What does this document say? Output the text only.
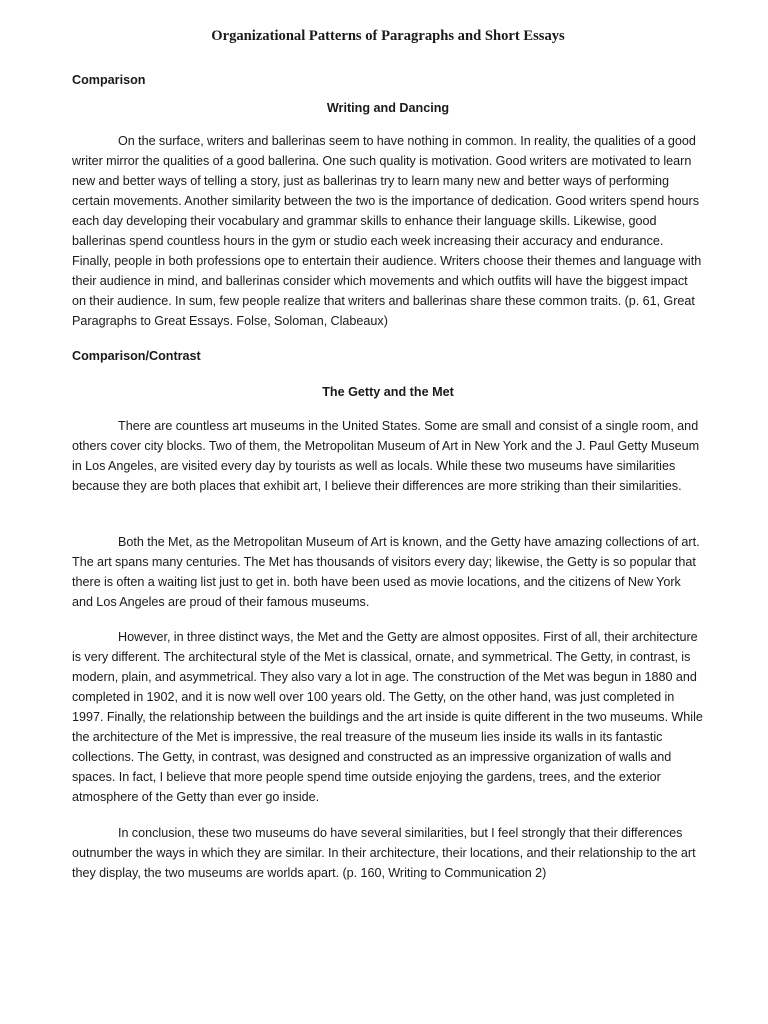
Organizational Patterns of Paragraphs and Short Essays
Comparison
Writing and Dancing

On the surface, writers and ballerinas seem to have nothing in common. In reality, the qualities of a good writer mirror the qualities of a good ballerina. One such quality is motivation. Good writers are motivated to learn new and better ways of telling a story, just as ballerinas try to learn many new and better ways of performing certain movements. Another similarity between the two is the importance of dedication. Good writers spend hours each day developing their vocabulary and grammar skills to enhance their language skills. Likewise, good ballerinas spend countless hours in the gym or studio each week increasing their accuracy and endurance. Finally, people in both professions ope to entertain their audience. Writers choose their themes and language with their audience in mind, and ballerinas consider which movements and which outfits will have the biggest impact on their audience. In sum, few people realize that writers and ballerinas share these common traits. (p. 61, Great Paragraphs to Great Essays. Folse, Soloman, Clabeaux)

Comparison/Contrast
The Getty and the Met

There are countless art museums in the United States. Some are small and consist of a single room, and others cover city blocks. Two of them, the Metropolitan Museum of Art in New York and the J. Paul Getty Museum in Los Angeles, are visited every day by tourists as well as locals. While these two museums have similarities because they are both places that exhibit art, I believe their differences are more striking than their similarities.

Both the Met, as the Metropolitan Museum of Art is known, and the Getty have amazing collections of art. The art spans many centuries. The Met has thousands of visitors every day; likewise, the Getty is so popular that there is often a waiting list just to get in. both have been used as movie locations, and the citizens of New York and Los Angeles are proud of their famous museums.

However, in three distinct ways, the Met and the Getty are almost opposites. First of all, their architecture is very different. The architectural style of the Met is classical, ornate, and symmetrical. The Getty, in contrast, is modern, plain, and asymmetrical. They also vary a lot in age. The construction of the Met was begun in 1880 and completed in 1902, and it is now well over 100 years old. The Getty, on the other hand, was just completed in 1997. Finally, the relationship between the buildings and the art inside is quite different in the two museums. While the architecture of the Met is impressive, the real treasure of the museum lies inside its walls in its fantastic collections. The Getty, in contrast, was designed and constructed as an impressive organization of walls and spaces. In fact, I believe that more people spend time outside enjoying the gardens, trees, and the exterior atmosphere of the Getty than ever go inside.

In conclusion, these two museums do have several similarities, but I feel strongly that their differences outnumber the ways in which they are similar. In their architecture, their locations, and their relationship to the art they display, the two museums are worlds apart. (p. 160, Writing to Communication 2)
